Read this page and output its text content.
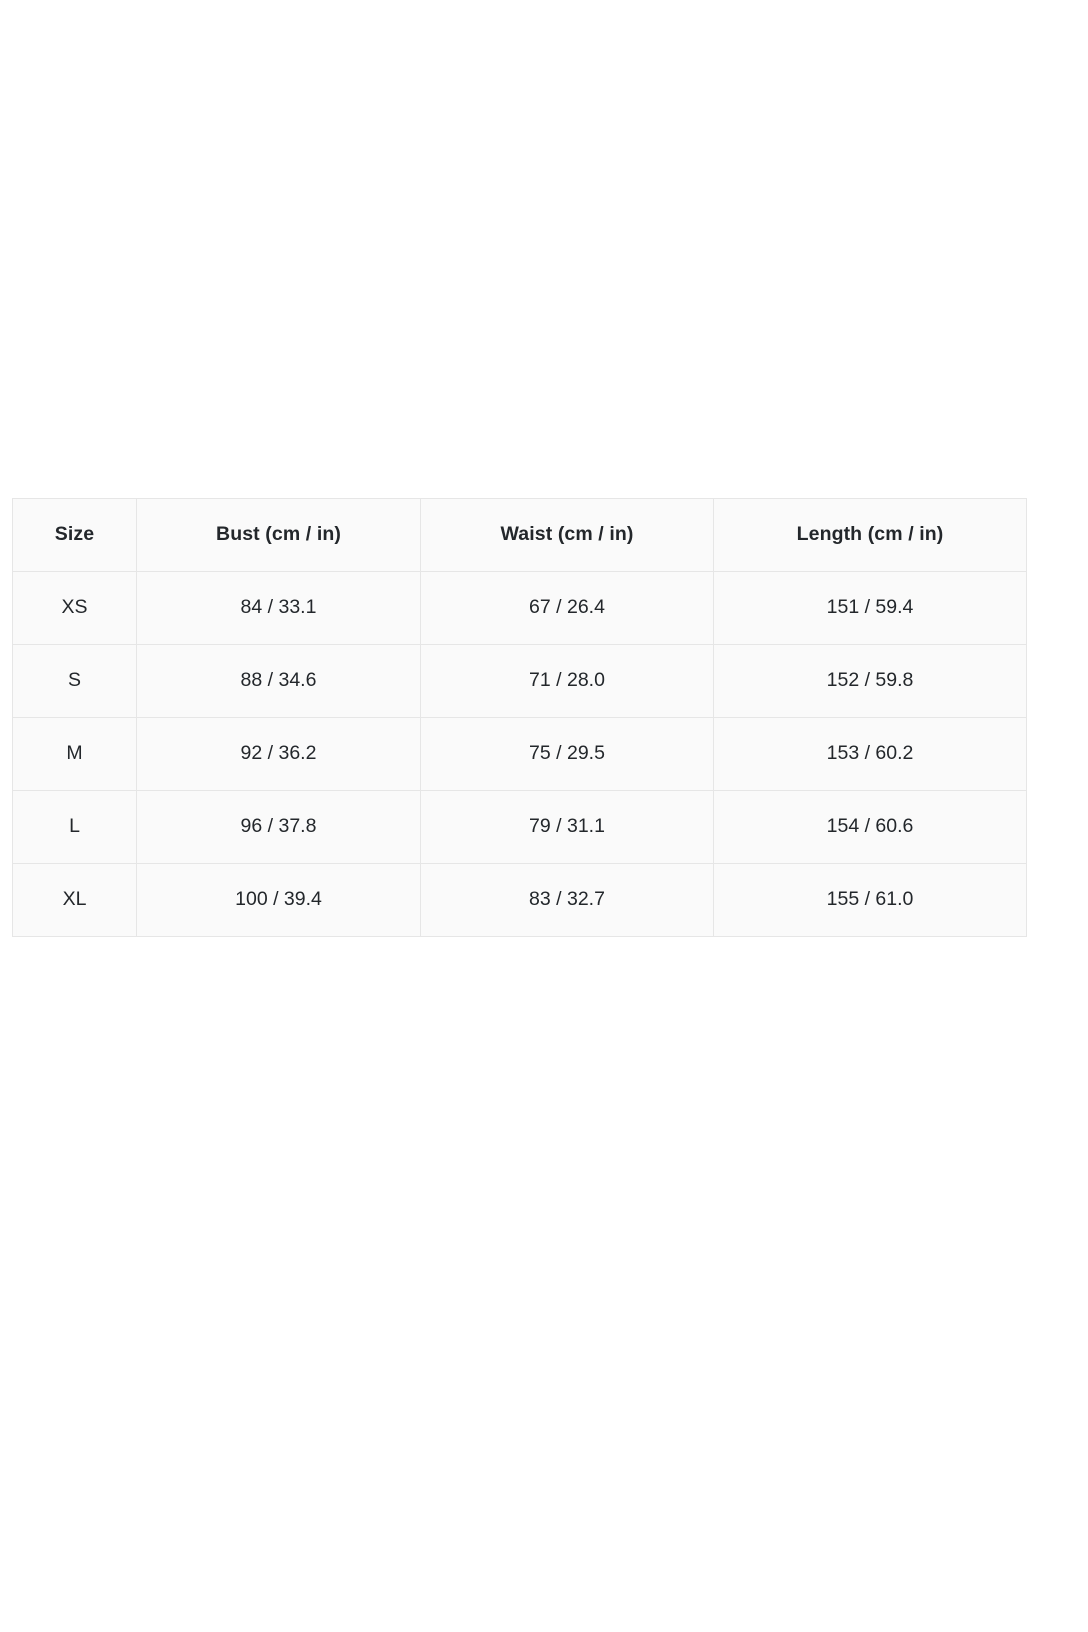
Size	Bust (cm / in)	Waist (cm / in)	Length (cm / in)
XS	84 / 33.1	67 / 26.4	151 / 59.4
S	88 / 34.6	71 / 28.0	152 / 59.8
M	92 / 36.2	75 / 29.5	153 / 60.2
L	96 / 37.8	79 / 31.1	154 / 60.6
XL	100 / 39.4	83 / 32.7	155 / 61.0
